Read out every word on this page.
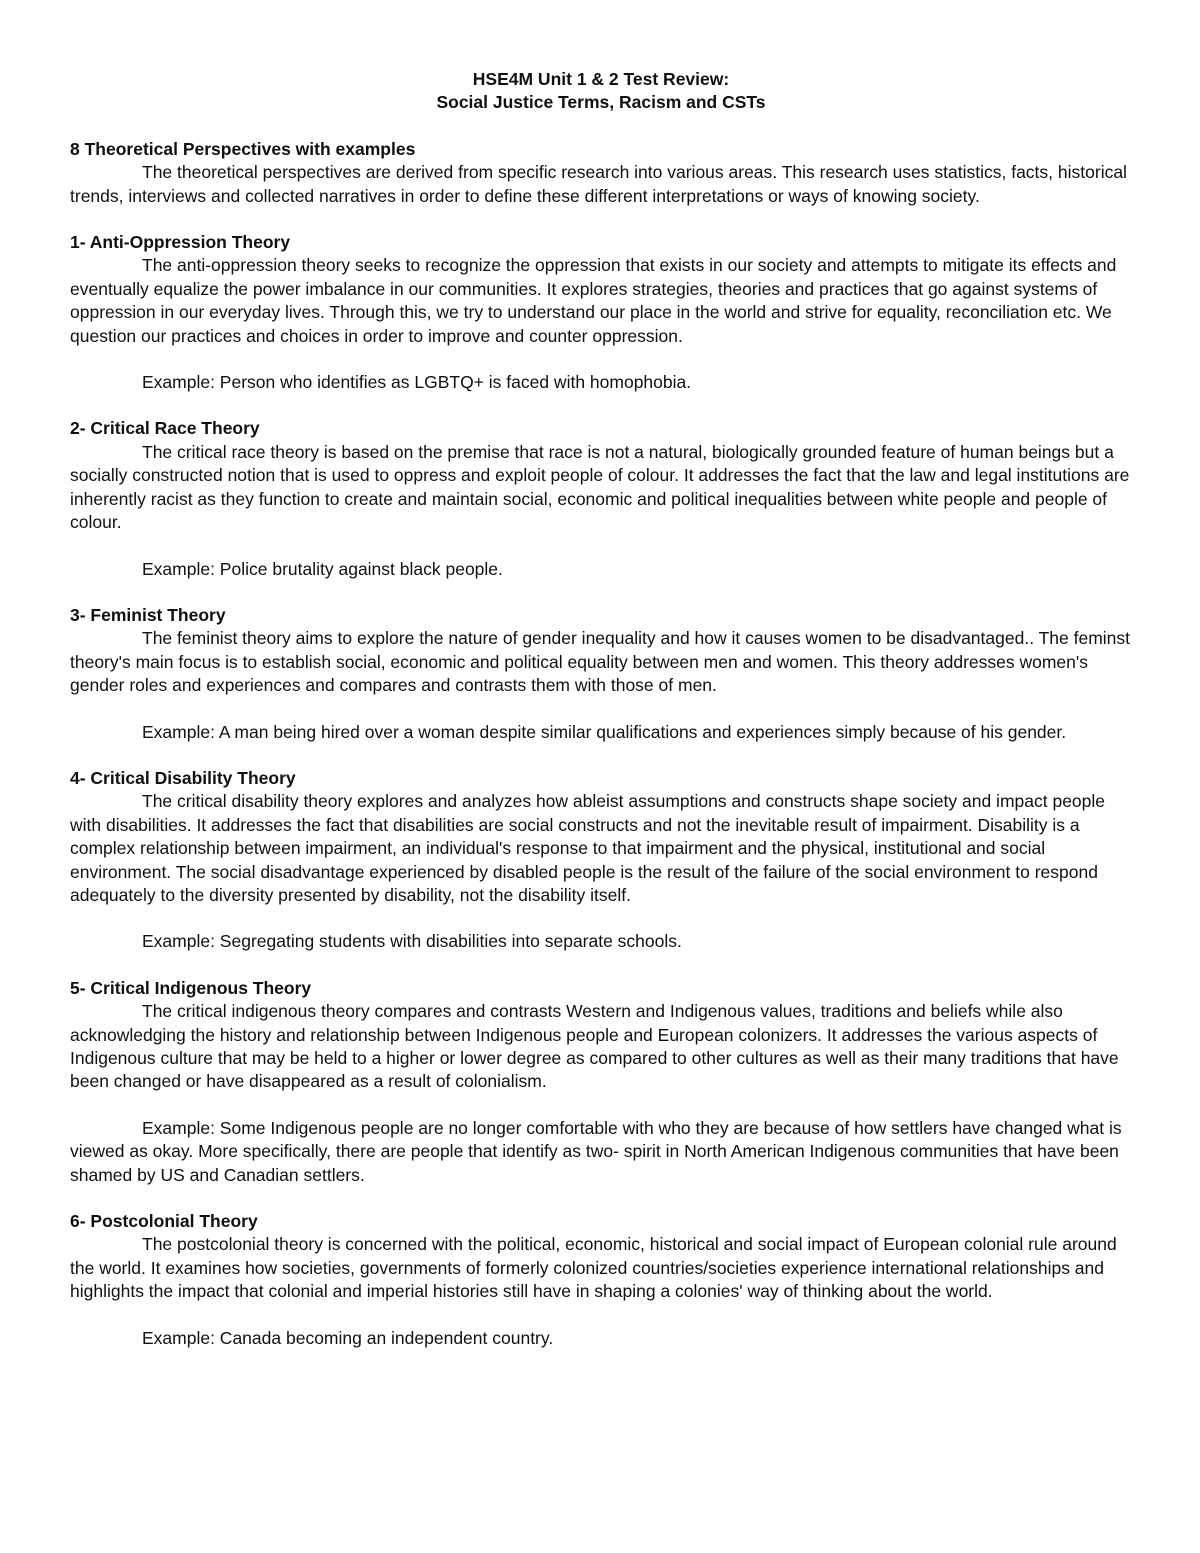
HSE4M Unit 1 & 2 Test Review:

Social Justice Terms, Racism and CSTs

8 Theoretical Perspectives with examples

The theoretical perspectives are derived from specific research into various areas. This research uses statistics, facts, historical trends, interviews and collected narratives in order to define these different interpretations or ways of knowing society.

1- Anti-Oppression Theory

The anti-oppression theory seeks to recognize the oppression that exists in our society and attempts to mitigate its effects and eventually equalize the power imbalance in our communities. It explores strategies, theories and practices that go against systems of oppression in our everyday lives. Through this, we try to understand our place in the world and strive for equality, reconciliation etc. We question our practices and choices in order to improve and counter oppression.

Example: Person who identifies as LGBTQ+ is faced with homophobia.

2- Critical Race Theory

The critical race theory is based on the premise that race is not a natural, biologically grounded feature of human beings but a socially constructed notion that is used to oppress and exploit people of colour. It addresses the fact that the law and legal institutions are inherently racist as they function to create and maintain social, economic and political inequalities between white people and people of colour.

Example: Police brutality against black people.

3- Feminist Theory

The feminist theory aims to explore the nature of gender inequality and how it causes women to be disadvantaged.. The feminst theory's main focus is to establish social, economic and political equality between men and women. This theory addresses women's gender roles and experiences and compares and contrasts them with those of men.

Example: A man being hired over a woman despite similar qualifications and experiences simply because of his gender.

4- Critical Disability Theory

The critical disability theory explores and analyzes how ableist assumptions and constructs shape society and impact people with disabilities. It addresses the fact that disabilities are social constructs and not the inevitable result of impairment. Disability is a complex relationship between impairment, an individual's response to that impairment and the physical, institutional and social environment. The social disadvantage experienced by disabled people is the result of the failure of the social environment to respond adequately to the diversity presented by disability, not the disability itself.

Example: Segregating students with disabilities into separate schools.

5- Critical Indigenous Theory

The critical indigenous theory compares and contrasts Western and Indigenous values, traditions and beliefs while also acknowledging the history and relationship between Indigenous people and European colonizers. It addresses the various aspects of Indigenous culture that may be held to a higher or lower degree as compared to other cultures as well as their many traditions that have been changed or have disappeared as a result of colonialism.

Example: Some Indigenous people are no longer comfortable with who they are because of how settlers have changed what is viewed as okay. More specifically, there are people that identify as two- spirit in North American Indigenous communities that have been shamed by US and Canadian settlers.

6- Postcolonial Theory

The postcolonial theory is concerned with the political, economic, historical and social impact of European colonial rule around the world. It examines how societies, governments of formerly colonized countries/societies experience international relationships and highlights the impact that colonial and imperial histories still have in shaping a colonies' way of thinking about the world.

Example: Canada becoming an independent country.
